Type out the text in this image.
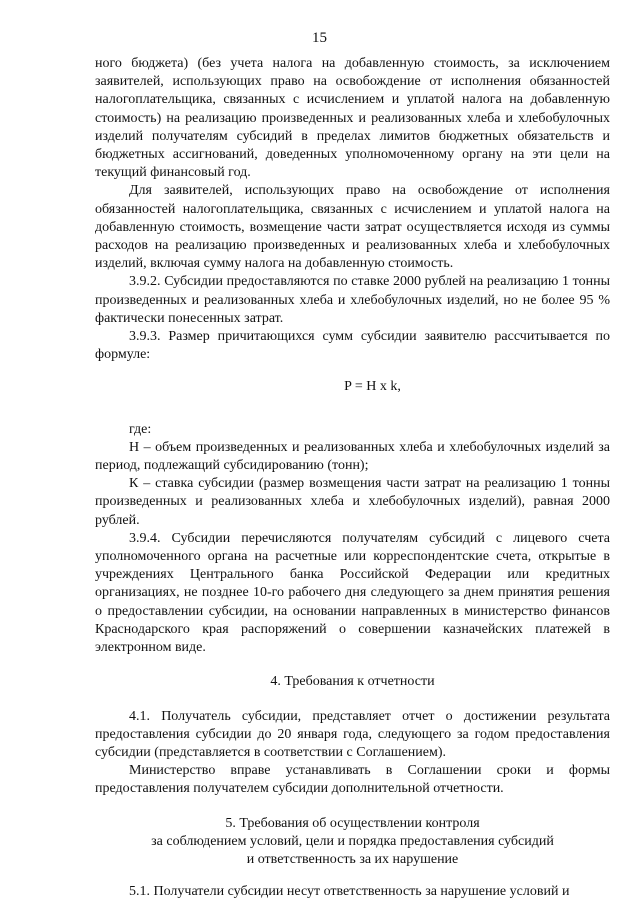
15

ного бюджета) (без учета налога на добавленную стоимость, за исключением заявителей, использующих право на освобождение от исполнения обязанностей налогоплательщика, связанных с исчислением и уплатой налога на добавленную стоимость) на реализацию произведенных и реализованных хлеба и хлебобулочных изделий получателям субсидий в пределах лимитов бюджетных обязательств и бюджетных ассигнований, доведенных уполномоченному органу на эти цели на текущий финансовый год.

Для заявителей, использующих право на освобождение от исполнения обязанностей налогоплательщика, связанных с исчислением и уплатой налога на добавленную стоимость, возмещение части затрат осуществляется исходя из суммы расходов на реализацию произведенных и реализованных хлеба и хлебобулочных изделий, включая сумму налога на добавленную стоимость.

3.9.2. Субсидии предоставляются по ставке 2000 рублей на реализацию 1 тонны произведенных и реализованных хлеба и хлебобулочных изделий, но не более 95 % фактически понесенных затрат.

3.9.3. Размер причитающихся сумм субсидии заявителю рассчитывается по формуле:

P = H x k,

где:

Н – объем произведенных и реализованных хлеба и хлебобулочных изделий за период, подлежащий субсидированию (тонн);

К – ставка субсидии (размер возмещения части затрат на реализацию 1 тонны произведенных и реализованных хлеба и хлебобулочных изделий), равная 2000 рублей.

3.9.4. Субсидии перечисляются получателям субсидий с лицевого счета уполномоченного органа на расчетные или корреспондентские счета, открытые в учреждениях Центрального банка Российской Федерации или кредитных организациях, не позднее 10-го рабочего дня следующего за днем принятия решения о предоставлении субсидии, на основании направленных в министерство финансов Краснодарского края распоряжений о совершении казначейских платежей в электронном виде.

4. Требования к отчетности

4.1. Получатель субсидии, представляет отчет о достижении результата предоставления субсидии до 20 января года, следующего за годом предоставления субсидии (представляется в соответствии с Соглашением).

Министерство вправе устанавливать в Соглашении сроки и формы предоставления получателем субсидии дополнительной отчетности.

5. Требования об осуществлении контроля
за соблюдением условий, цели и порядка предоставления субсидий
и ответственность за их нарушение

5.1. Получатели субсидии несут ответственность за нарушение условий и
